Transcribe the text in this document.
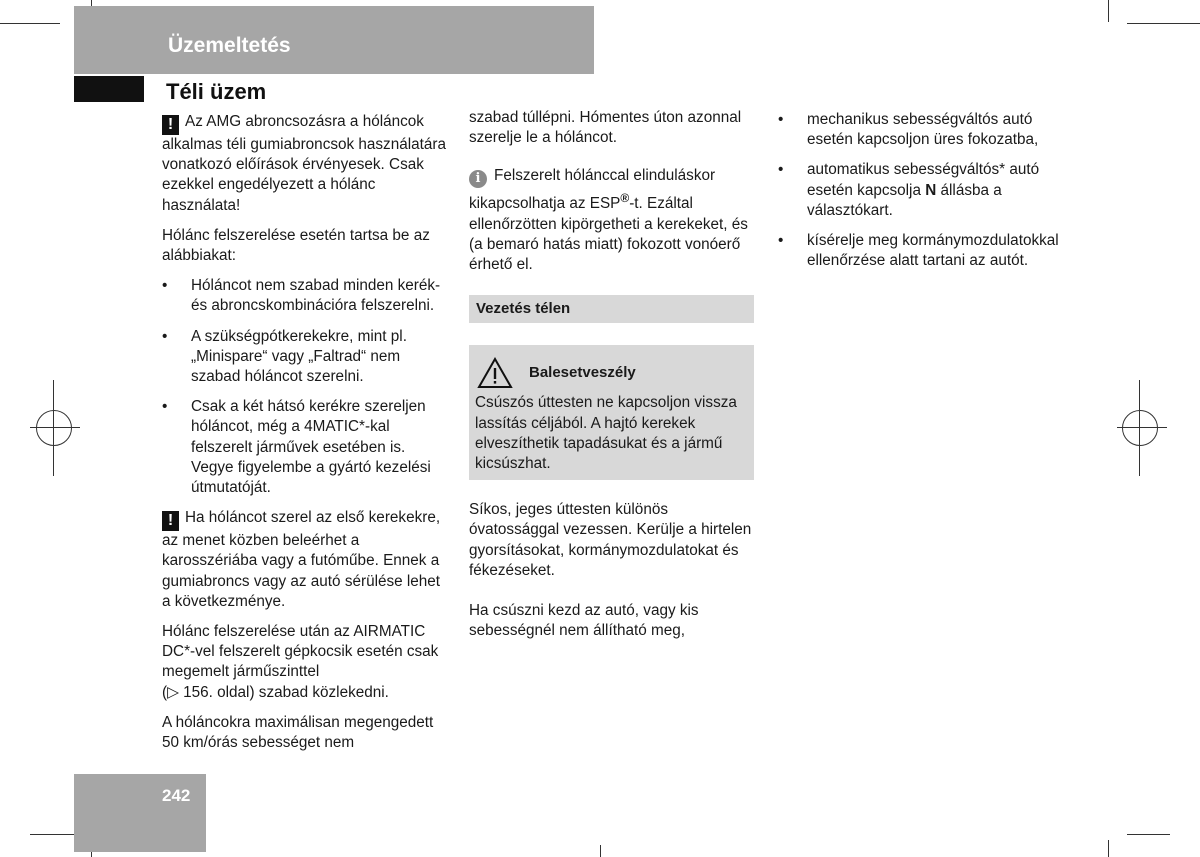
Üzemeltetés
Téli üzem

! Az AMG abroncsozásra a hóláncok alkalmas téli gumiabroncsok használatára vonatkozó előírások érvényesek. Csak ezekkel engedélyezett a hólánc használata!

Hólánc felszerelése esetén tartsa be az alábbiakat:

• Hóláncot nem szabad minden kerék- és abroncskombinációra felszerelni.
• A szükségpótkerekekre, mint pl. „Minispare“ vagy „Faltrad“ nem szabad hóláncot szerelni.
• Csak a két hátsó kerékre szereljen hóláncot, még a 4MATIC*-kal felszerelt járművek esetében is. Vegye figyelembe a gyártó kezelési útmutatóját.

! Ha hóláncot szerel az első kerekekre, az menet közben beleérhet a karosszériába vagy a futóműbe. Ennek a gumiabroncs vagy az autó sérülése lehet a következménye.

Hólánc felszerelése után az AIRMATIC DC*-vel felszerelt gépkocsik esetén csak megemelt járműszinttel
(▷ 156. oldal) szabad közlekedni.

A hóláncokra maximálisan megengedett 50 km/órás sebességet nem

szabad túllépni. Hómentes úton azonnal szerelje le a hóláncot.

i Felszerelt hólánccal elinduláskor kikapcsolhatja az ESP®-t. Ezáltal ellenőrzötten kipörgetheti a kerekeket, és (a bemaró hatás miatt) fokozott vonóerő érhető el.

Vezetés télen
Balesetveszély
Csúszós úttesten ne kapcsoljon vissza lassítás céljából. A hajtó kerekek elveszíthetik tapadásukat és a jármű kicsúszhat.

Síkos, jeges úttesten különös óvatossággal vezessen. Kerülje a hirtelen gyorsításokat, kormánymozdulatokat és fékezéseket.

Ha csúszni kezd az autó, vagy kis sebességnél nem állítható meg,

• mechanikus sebességváltós autó esetén kapcsoljon üres fokozatba,
• automatikus sebességváltós* autó esetén kapcsolja N állásba a választókart.
• kísérelje meg kormánymozdulatokkal ellenőrzése alatt tartani az autót.
242
